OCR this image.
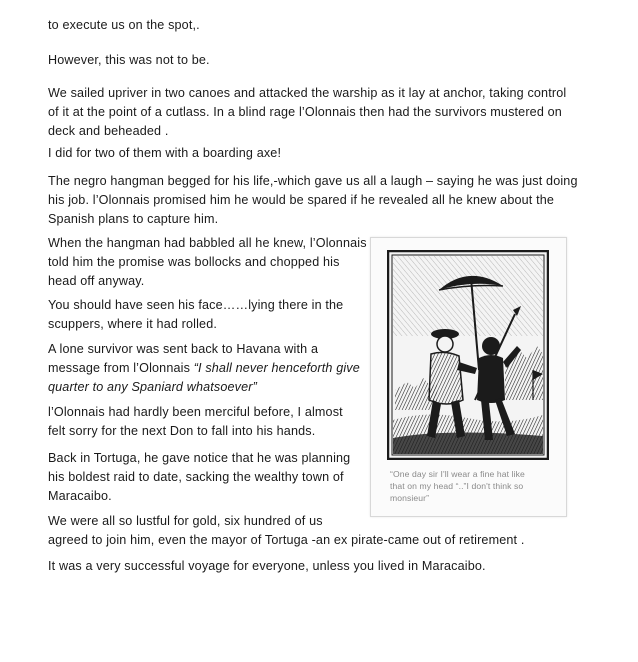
to execute us on the spot,.

However, this was not to be.

We sailed upriver in two canoes and attacked the warship as it lay at anchor, taking control
of it at the point of a cutlass. In a blind rage l’Olonnais then had the survivors mustered on
deck and beheaded .

I did for two of them with a boarding axe!

The negro hangman begged for his life,-which gave us all a laugh – saying he was just doing
his job. l’Olonnais promised him he would be spared if he revealed all he knew about the
Spanish plans to capture him.

When the hangman had babbled all he knew, l’Olonnais
told him the promise was bollocks and chopped his
head off anyway.

You should have seen his face……lying there in the
scuppers, where it had rolled.

A lone survivor was sent back to Havana with a
message from l’Olonnais “I shall never henceforth give
quarter to any Spaniard whatsoever”

l’Olonnais had hardly been merciful before, I almost
felt sorry for the next Don to fall into his hands.

Back in Tortuga, he gave notice that he was planning
his boldest raid to date, sacking the wealthy town of
Maracaibo.

We were all so lustful for gold, six hundred of us
agreed to join him, even the mayor of Tortuga -an ex pirate-came out of retirement .

It was a very successful voyage for everyone, unless you lived in Maracaibo.

“One day sir I'll wear a fine hat like
that on my head “..”I don't think so
monsieur”
